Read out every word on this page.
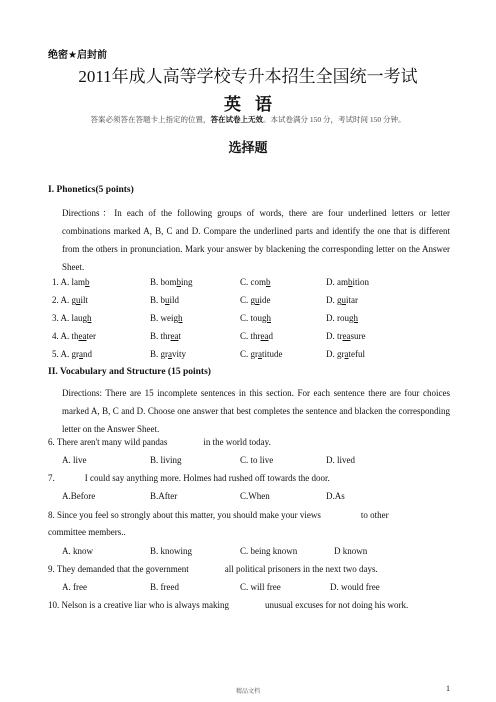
绝密★启封前
2011年成人高等学校专升本招生全国统一考试
英语
答案必须答在答题卡上指定的位置，答在试卷上无效。本试卷满分 150 分，考试时间 150 分钟。
选择题
I. Phonetics(5 points)
Directions：In each of the following groups of words, there are four underlined letters or letter combinations marked A, B, C and D. Compare the underlined parts and identify the one that is different from the others in pronunciation. Mark your answer by blackening the corresponding letter on the Answer Sheet.
1. A. lamb	B. bombing	C. comb	D. ambition
2. A. guilt	B. build	C. guide	D. guitar
3. A. laugh	B. weigh	C. tough	D. rough
4. A. theater	B. threat	C. thread	D. treasure
5. A. grand	B. gravity	C. gratitude	D. grateful
II. Vocabulary and Structure (15 points)
Directions: There are 15 incomplete sentences in this section. For each sentence there are four choices marked A, B, C and D. Choose one answer that best completes the sentence and blacken the corresponding letter on the Answer Sheet.
6. There aren't many wild pandas	in the world today.
A. live	B. living	C. to live	D. lived
7.	I could say anything more. Holmes had rushed off towards the door.
A.Before	B.After	C.When	D.As
8. Since you feel so strongly about this matter, you should make your views	to other
committee members..
A. know	B. knowing	C. being known	D known
9. They demanded that the government	all political prisoners in the next two days.
A. free	B. freed	C. will free	D. would free
10. Nelson is a creative liar who is always making	unusual excuses for not doing his work.
精品文档	1
